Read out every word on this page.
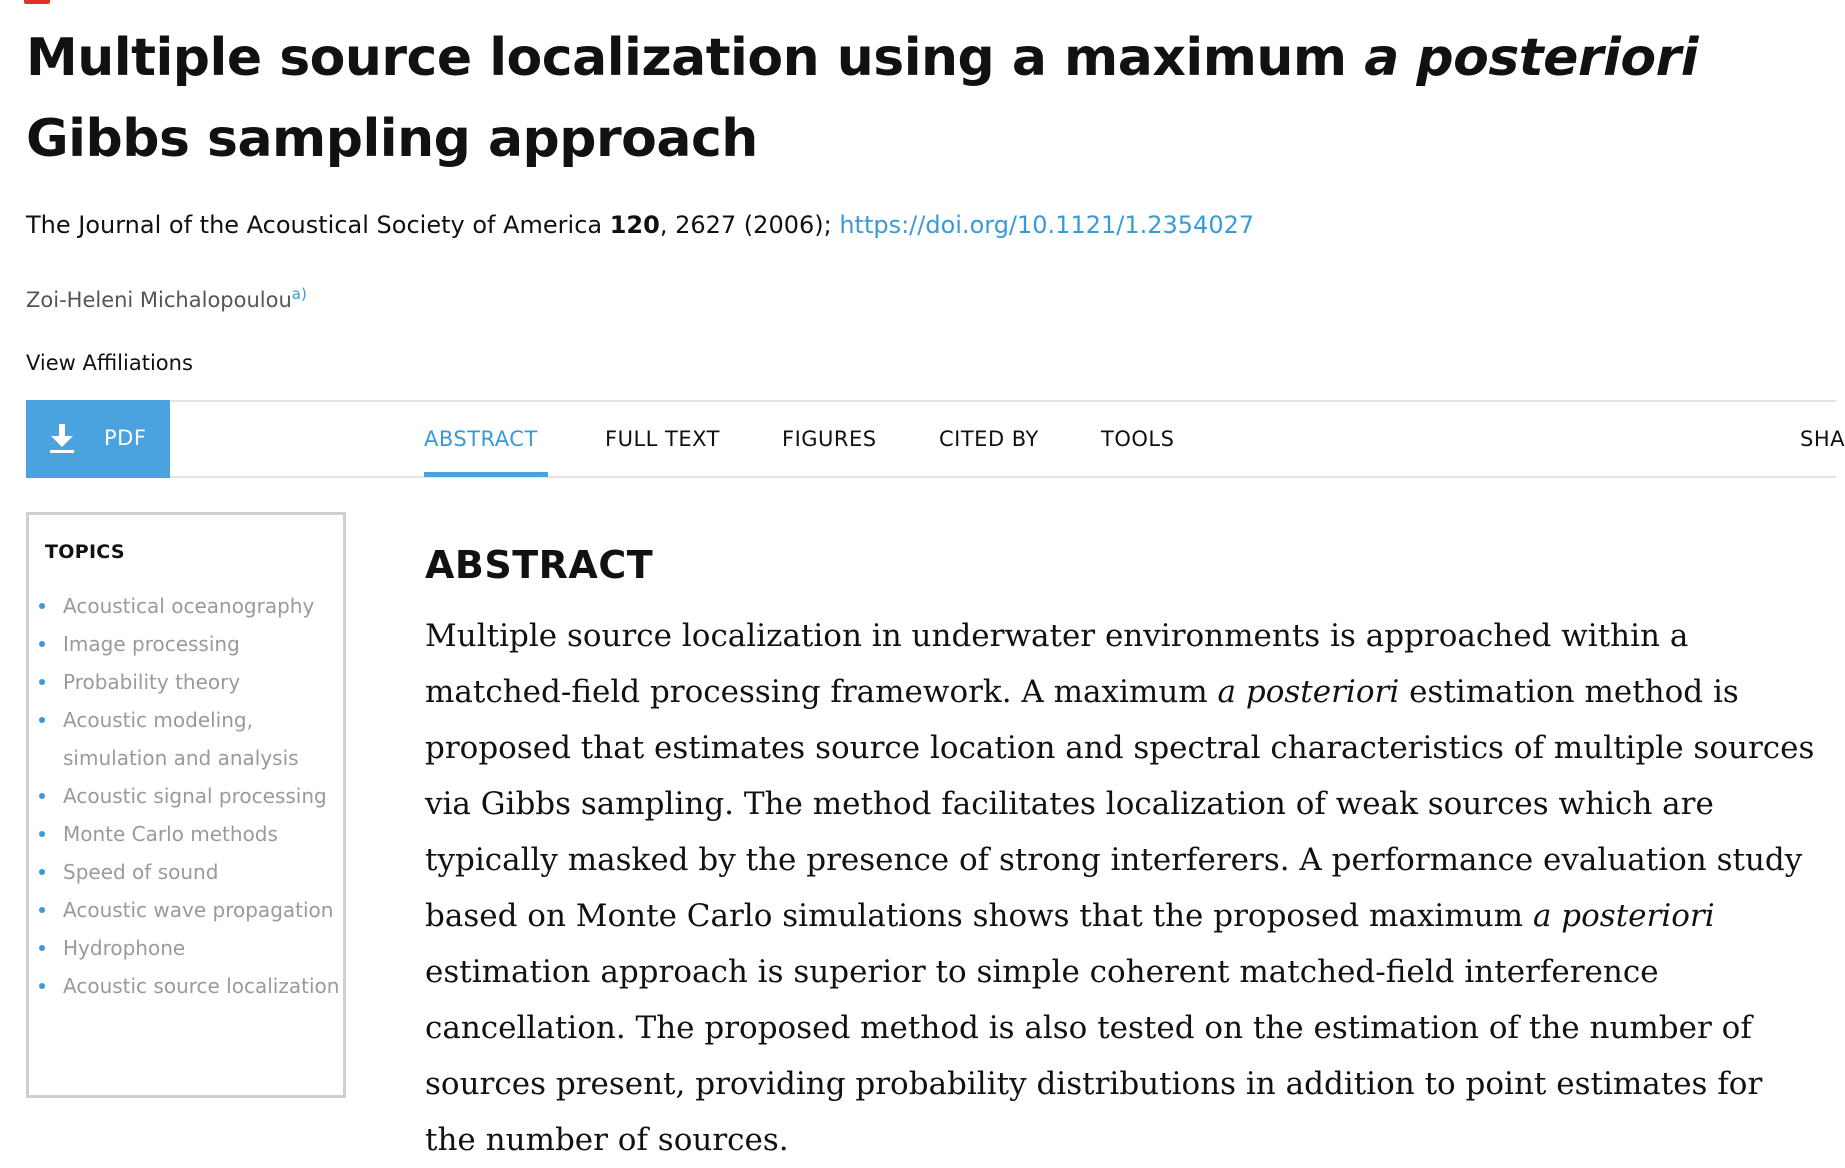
Multiple source localization using a maximum a posteriori Gibbs sampling approach
The Journal of the Acoustical Society of America 120, 2627 (2006); https://doi.org/10.1121/1.2354027
Zoi-Heleni Michalopoulou$^{a)}$
View Affiliations
PDF	ABSTRACT	FULL TEXT	FIGURES	CITED BY	TOOLS	SHA
TOPICS
Acoustical oceanography
Image processing
Probability theory
Acoustic modeling, simulation and analysis
Acoustic signal processing
Monte Carlo methods
Speed of sound
Acoustic wave propagation
Hydrophone
Acoustic source localization
ABSTRACT

Multiple source localization in underwater environments is approached within a matched-field processing framework. A maximum a posteriori estimation method is proposed that estimates source location and spectral characteristics of multiple sources via Gibbs sampling. The method facilitates localization of weak sources which are typically masked by the presence of strong interferers. A performance evaluation study based on Monte Carlo simulations shows that the proposed maximum a posteriori estimation approach is superior to simple coherent matched-field interference cancellation. The proposed method is also tested on the estimation of the number of sources present, providing probability distributions in addition to point estimates for the number of sources.
